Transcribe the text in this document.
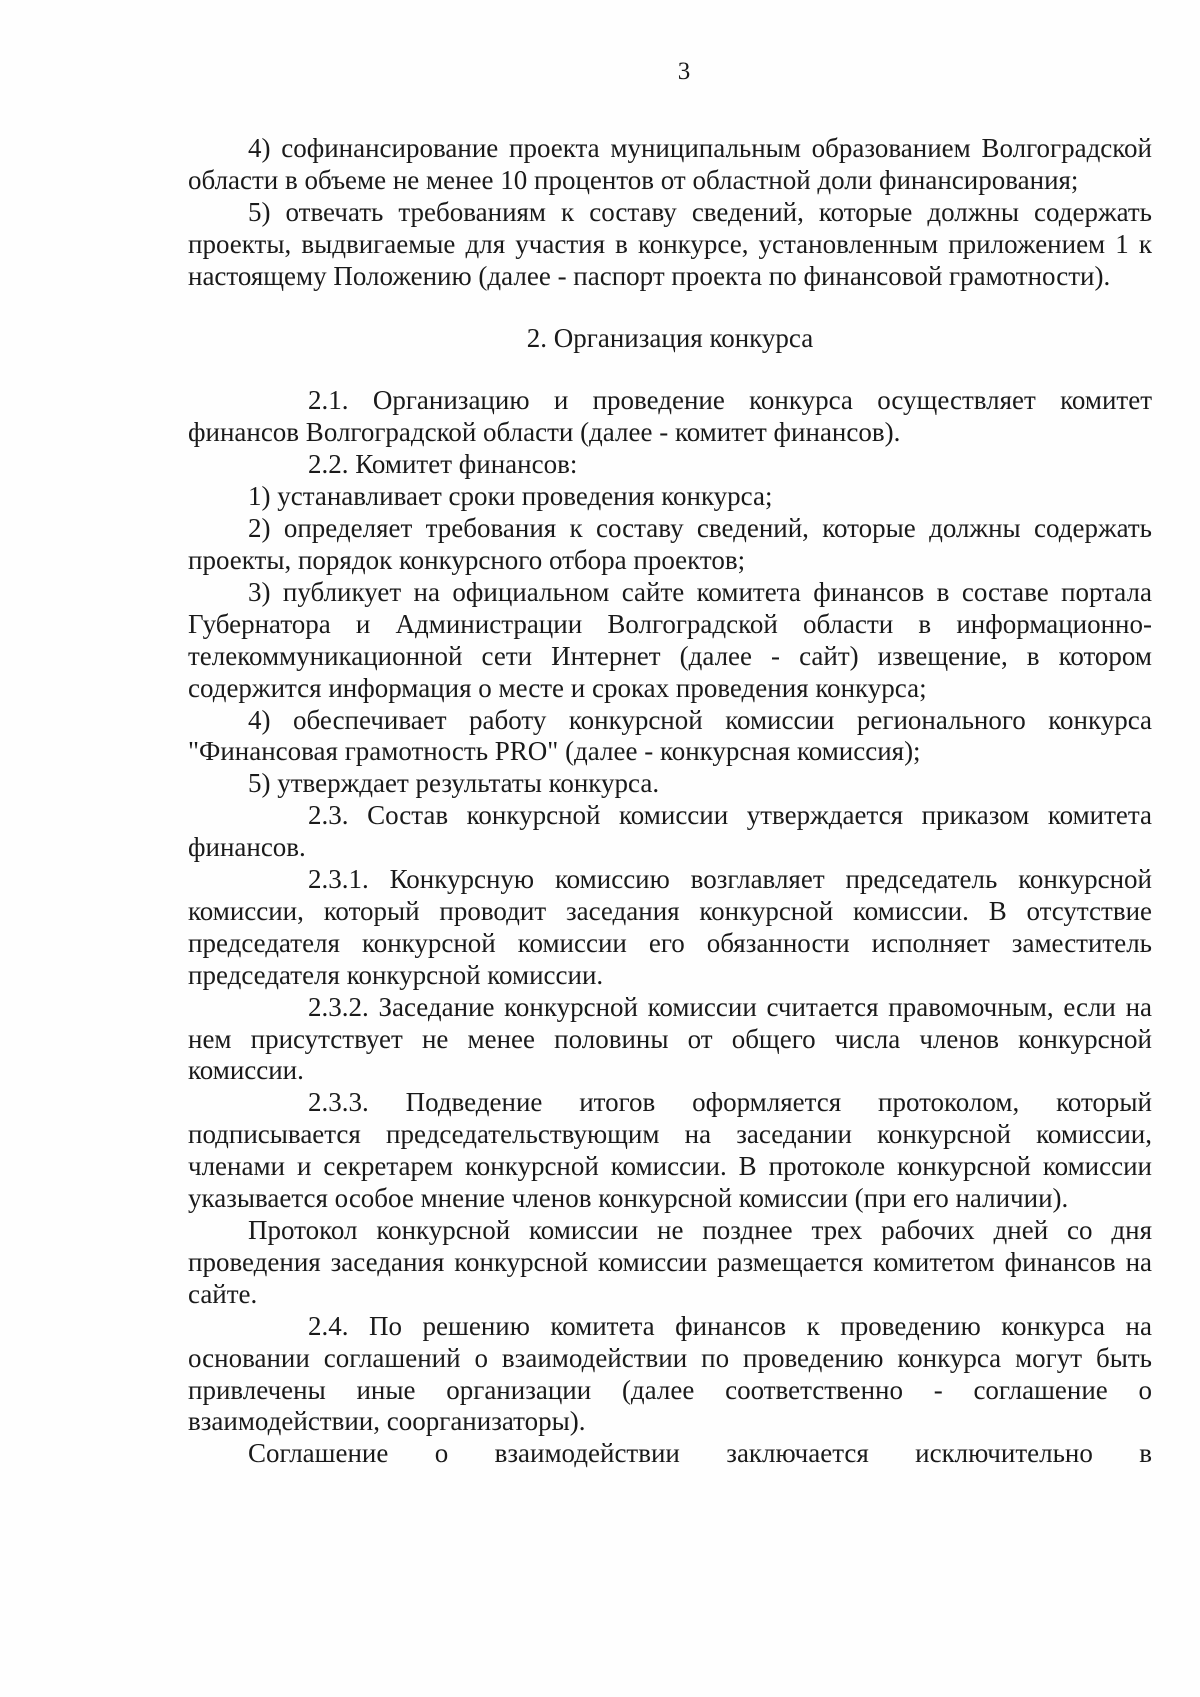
3

4) софинансирование проекта муниципальным образованием Волгоградской области в объеме не менее 10 процентов от областной доли финансирования;

5) отвечать требованиям к составу сведений, которые должны содержать проекты, выдвигаемые для участия в конкурсе, установленным приложением 1 к настоящему Положению (далее - паспорт проекта по финансовой грамотности).

2. Организация конкурса

2.1. Организацию и проведение конкурса осуществляет комитет финансов Волгоградской области (далее - комитет финансов).

2.2. Комитет финансов:

1) устанавливает сроки проведения конкурса;

2) определяет требования к составу сведений, которые должны содержать проекты, порядок конкурсного отбора проектов;

3) публикует на официальном сайте комитета финансов в составе портала Губернатора и Администрации Волгоградской области в информационно-телекоммуникационной сети Интернет (далее - сайт) извещение, в котором содержится информация о месте и сроках проведения конкурса;

4) обеспечивает работу конкурсной комиссии регионального конкурса "Финансовая грамотность PRO" (далее - конкурсная комиссия);

5) утверждает результаты конкурса.

2.3. Состав конкурсной комиссии утверждается приказом комитета финансов.

2.3.1. Конкурсную комиссию возглавляет председатель конкурсной комиссии, который проводит заседания конкурсной комиссии. В отсутствие председателя конкурсной комиссии его обязанности исполняет заместитель председателя конкурсной комиссии.

2.3.2. Заседание конкурсной комиссии считается правомочным, если на нем присутствует не менее половины от общего числа членов конкурсной комиссии.

2.3.3. Подведение итогов оформляется протоколом, который подписывается председательствующим на заседании конкурсной комиссии, членами и секретарем конкурсной комиссии. В протоколе конкурсной комиссии указывается особое мнение членов конкурсной комиссии (при его наличии).

Протокол конкурсной комиссии не позднее трех рабочих дней со дня проведения заседания конкурсной комиссии размещается комитетом финансов на сайте.

2.4. По решению комитета финансов к проведению конкурса на основании соглашений о взаимодействии по проведению конкурса могут быть привлечены иные организации (далее соответственно - соглашение о взаимодействии, соорганизаторы).

Соглашение о взаимодействии заключается исключительно в
